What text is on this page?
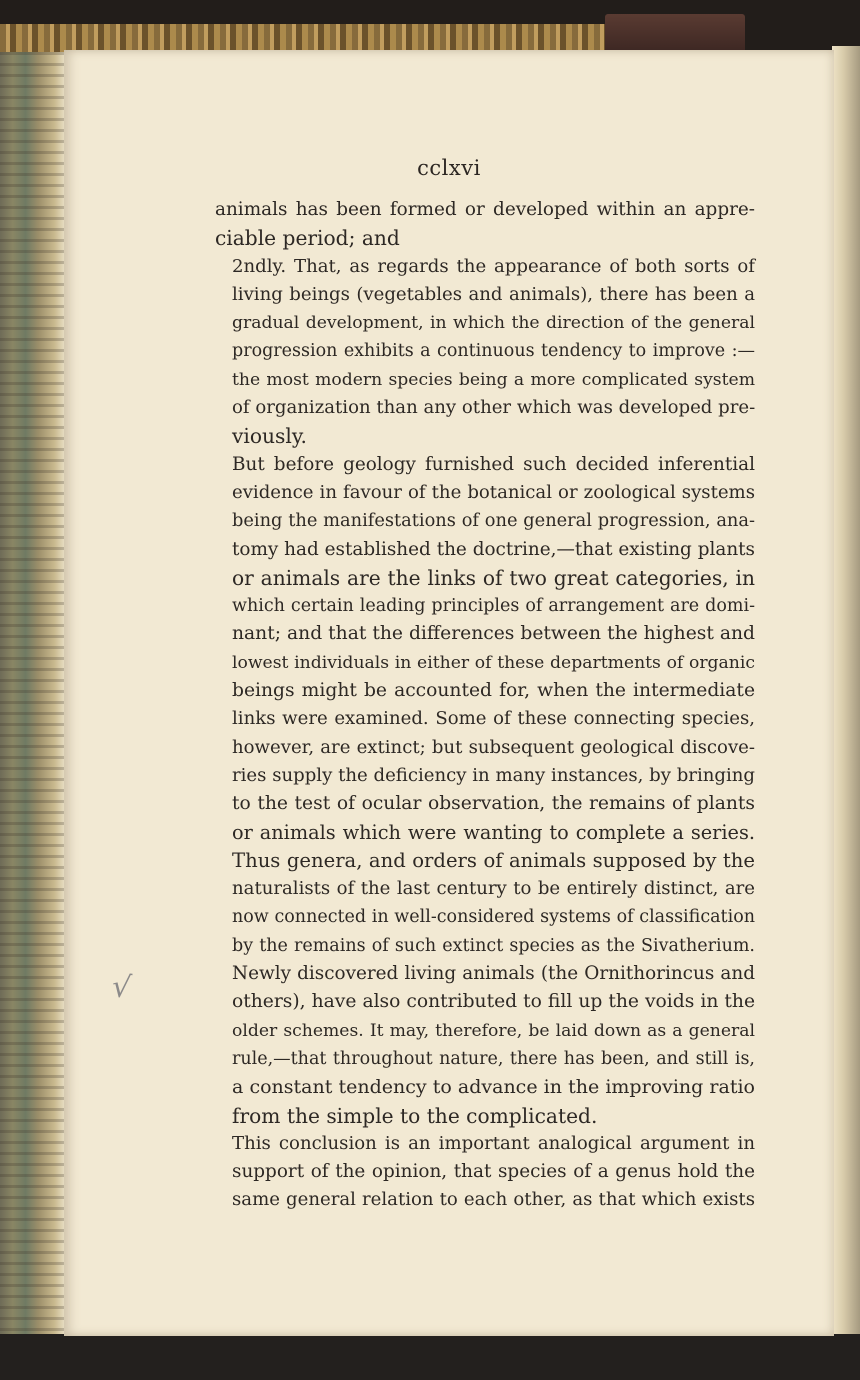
cclxvi
√

animals has been formed or developed within an appre-
ciable period; and

2ndly. That, as regards the appearance of both sorts of
living beings (vegetables and animals), there has been a
gradual development, in which the direction of the general
progression exhibits a continuous tendency to improve :—
the most modern species being a more complicated system
of organization than any other which was developed pre-
viously.

But before geology furnished such decided inferential
evidence in favour of the botanical or zoological systems
being the manifestations of one general progression, ana-
tomy had established the doctrine,—that existing plants
or animals are the links of two great categories, in
which certain leading principles of arrangement are domi-
nant; and that the differences between the highest and
lowest individuals in either of these departments of organic
beings might be accounted for, when the intermediate
links were examined. Some of these connecting species,
however, are extinct; but subsequent geological discove-
ries supply the deficiency in many instances, by bringing
to the test of ocular observation, the remains of plants
or animals which were wanting to complete a series.
Thus genera, and orders of animals supposed by the
naturalists of the last century to be entirely distinct, are
now connected in well-considered systems of classification
by the remains of such extinct species as the Sivatherium.
Newly discovered living animals (the Ornithorincus and
others), have also contributed to fill up the voids in the
older schemes. It may, therefore, be laid down as a general
rule,—that throughout nature, there has been, and still is,
a constant tendency to advance in the improving ratio
from the simple to the complicated.

This conclusion is an important analogical argument in
support of the opinion, that species of a genus hold the
same general relation to each other, as that which exists
